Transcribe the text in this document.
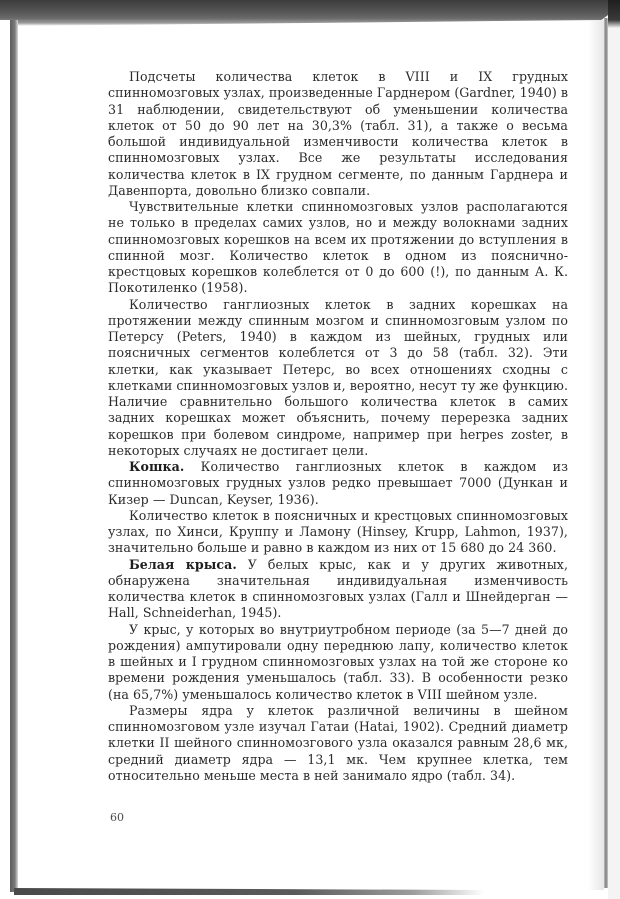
Подсчеты количества клеток в VIII и IX грудных спинномозговых узлах, произведенные Гарднером (Gardner, 1940) в 31 наблюдении, свидетельствуют об уменьшении количества клеток от 50 до 90 лет на 30,3% (табл. 31), а также о весьма большой индивидуальной изменчивости количества клеток в спинномозговых узлах. Все же результаты исследования количества клеток в IX грудном сегменте, по данным Гарднера и Давенпорта, довольно близко совпали.

Чувствительные клетки спинномозговых узлов располагаются не только в пределах самих узлов, но и между волокнами задних спинномозговых корешков на всем их протяжении до вступления в спинной мозг. Количество клеток в одном из пояснично-крестцовых корешков колеблется от 0 до 600 (!), по данным А. К. Покотиленко (1958).

Количество ганглиозных клеток в задних корешках на протяжении между спинным мозгом и спинномозговым узлом по Петерсу (Peters, 1940) в каждом из шейных, грудных или поясничных сегментов колеблется от 3 до 58 (табл. 32). Эти клетки, как указывает Петерс, во всех отношениях сходны с клетками спинномозговых узлов и, вероятно, несут ту же функцию. Наличие сравнительно большого количества клеток в самих задних корешках может объяснить, почему перерезка задних корешков при болевом синдроме, например при herpes zoster, в некоторых случаях не достигает цели.

Кошка. Количество ганглиозных клеток в каждом из спинномозговых грудных узлов редко превышает 7000 (Дункан и Кизер — Duncan, Keyser, 1936).

Количество клеток в поясничных и крестцовых спинномозговых узлах, по Хинси, Круппу и Ламону (Hinsey, Krupp, Lahmon, 1937), значительно больше и равно в каждом из них от 15 680 до 24 360.

Белая крыса. У белых крыс, как и у других животных, обнаружена значительная индивидуальная изменчивость количества клеток в спинномозговых узлах (Галл и Шнейдерган — Hall, Schneiderhan, 1945).

У крыс, у которых во внутриутробном периоде (за 5—7 дней до рождения) ампутировали одну переднюю лапу, количество клеток в шейных и I грудном спинномозговых узлах на той же стороне ко времени рождения уменьшалось (табл. 33). В особенности резко (на 65,7%) уменьшалось количество клеток в VIII шейном узле.

Размеры ядра у клеток различной величины в шейном спинномозговом узле изучал Гатаи (Hatai, 1902). Средний диаметр клетки II шейного спинномозгового узла оказался равным 28,6 мк, средний диаметр ядра — 13,1 мк. Чем крупнее клетка, тем относительно меньше места в ней занимало ядро (табл. 34).

60
